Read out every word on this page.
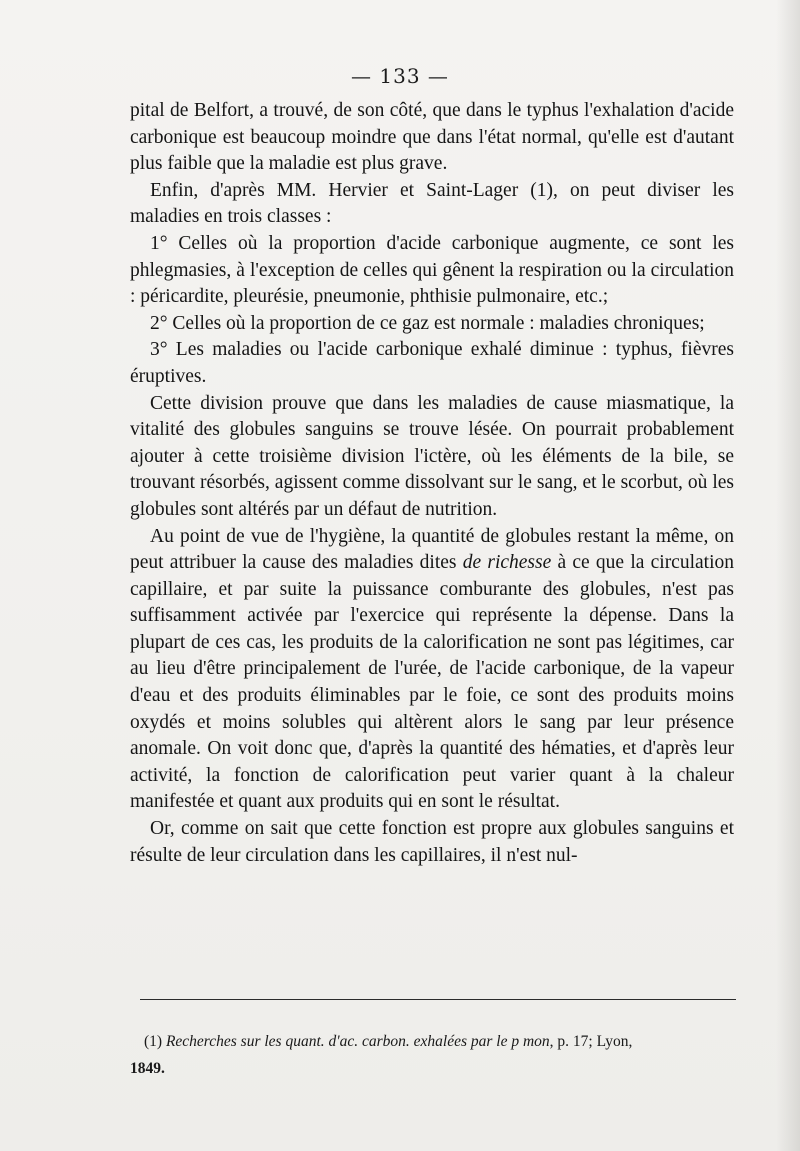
— 133 —

pital de Belfort, a trouvé, de son côté, que dans le typhus l'exhalation d'acide carbonique est beaucoup moindre que dans l'état normal, qu'elle est d'autant plus faible que la maladie est plus grave.

Enfin, d'après MM. Hervier et Saint-Lager (1), on peut diviser les maladies en trois classes :

1° Celles où la proportion d'acide carbonique augmente, ce sont les phlegmasies, à l'exception de celles qui gênent la respiration ou la circulation : péricardite, pleurésie, pneumonie, phthisie pulmonaire, etc.;

2° Celles où la proportion de ce gaz est normale : maladies chroniques;

3° Les maladies ou l'acide carbonique exhalé diminue : typhus, fièvres éruptives.

Cette division prouve que dans les maladies de cause miasmatique, la vitalité des globules sanguins se trouve lésée. On pourrait probablement ajouter à cette troisième division l'ictère, où les éléments de la bile, se trouvant résorbés, agissent comme dissolvant sur le sang, et le scorbut, où les globules sont altérés par un défaut de nutrition.

Au point de vue de l'hygiène, la quantité de globules restant la même, on peut attribuer la cause des maladies dites de richesse à ce que la circulation capillaire, et par suite la puissance comburante des globules, n'est pas suffisamment activée par l'exercice qui représente la dépense. Dans la plupart de ces cas, les produits de la calorification ne sont pas légitimes, car au lieu d'être principalement de l'urée, de l'acide carbonique, de la vapeur d'eau et des produits éliminables par le foie, ce sont des produits moins oxydés et moins solubles qui altèrent alors le sang par leur présence anomale. On voit donc que, d'après la quantité des hématies, et d'après leur activité, la fonction de calorification peut varier quant à la chaleur manifestée et quant aux produits qui en sont le résultat.

Or, comme on sait que cette fonction est propre aux globules sanguins et résulte de leur circulation dans les capillaires, il n'est nul-

(1) Recherches sur les quant. d'ac. carbon. exhalées par le p mon, p. 17; Lyon,

1849.
